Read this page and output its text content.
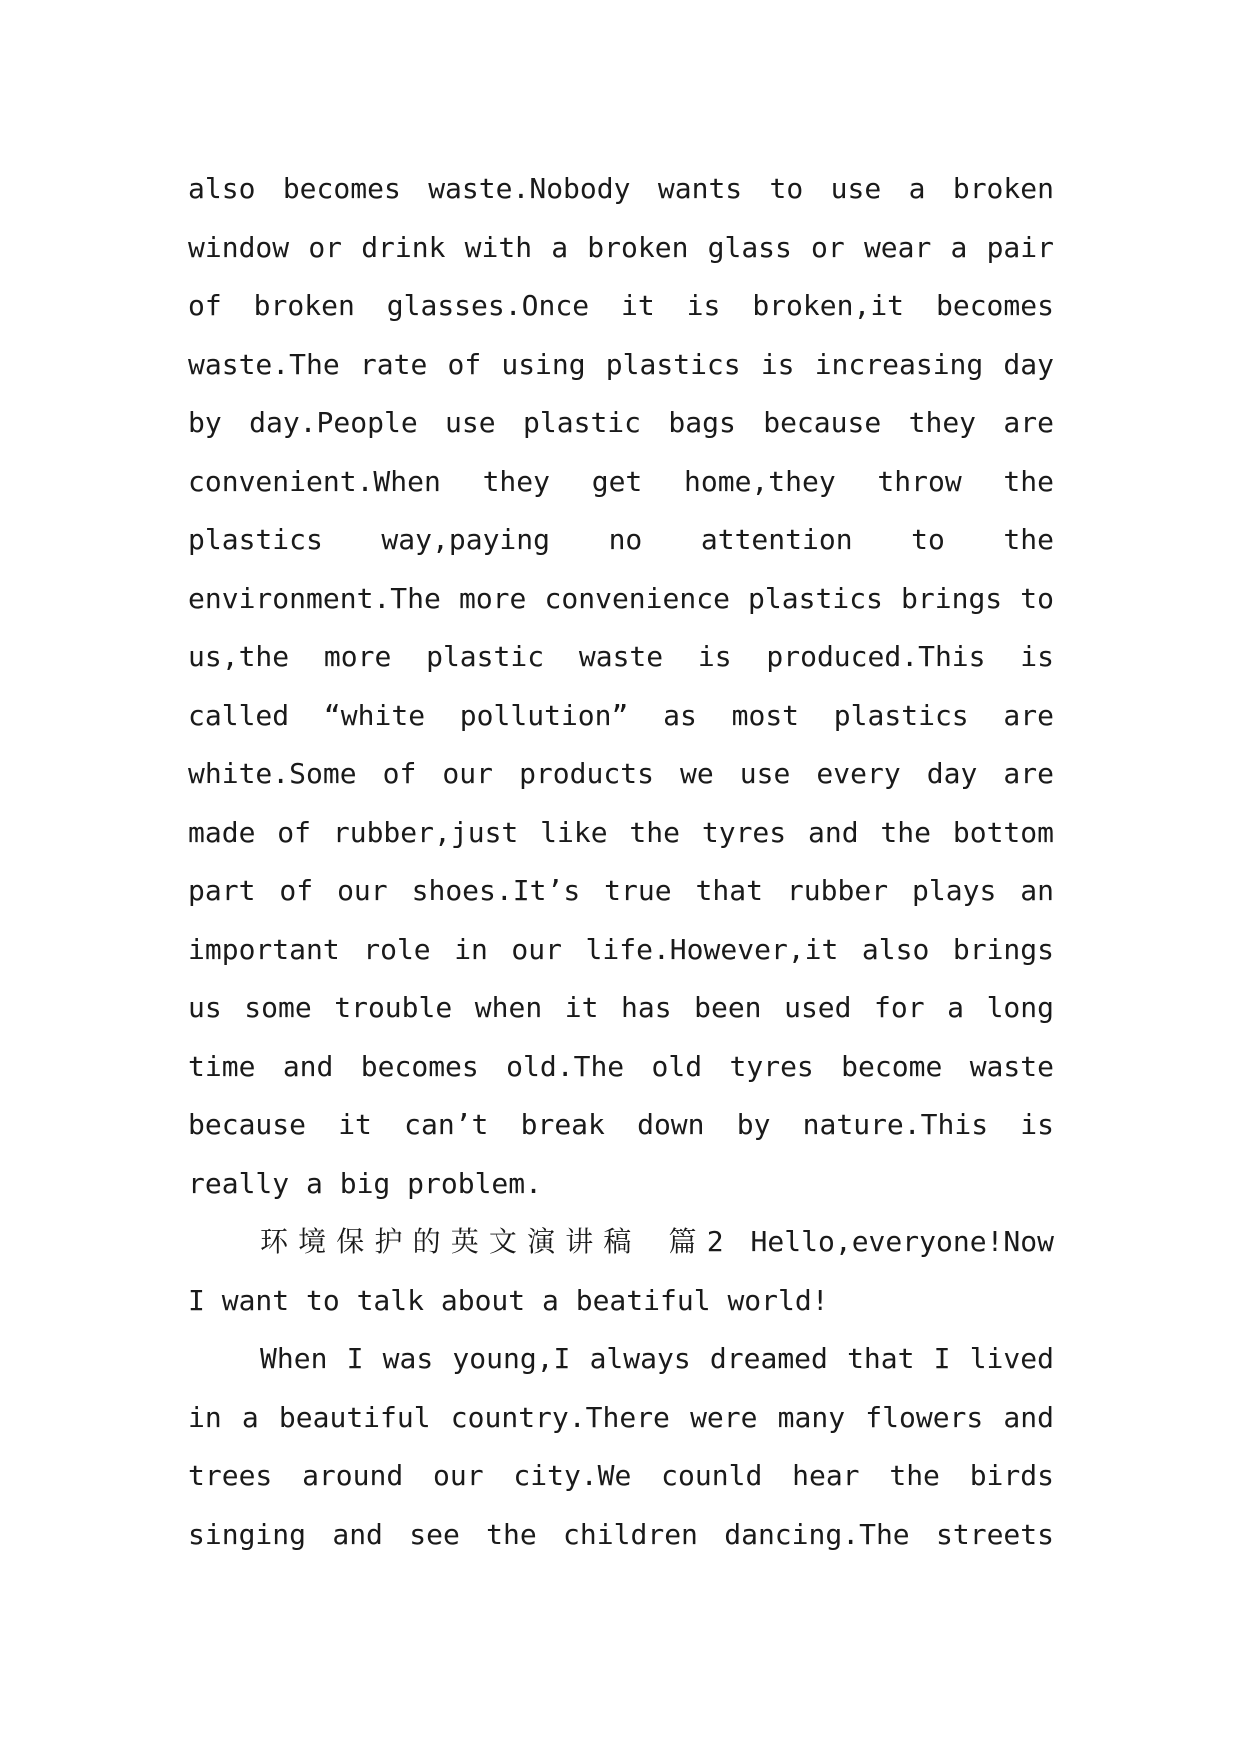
also becomes waste.Nobody wants to use a broken
window or drink with a broken glass or wear a pair
of broken glasses.Once it is broken,it becomes
waste.The rate of using plastics is increasing day
by day.People use plastic bags because they are
convenient.When they get home,they throw the
plastics way,paying no attention to the
environment.The more convenience plastics brings to
us,the more plastic waste is produced.This is
called “white pollution” as most plastics are
white.Some of our products we use every day are
made of rubber,just like the tyres and the bottom
part of our shoes.It’s true that rubber plays an
important role in our life.However,it also brings
us some trouble when it has been used for a long
time and becomes old.The old tyres become waste
because it can’t break down by nature.This is
really a big problem.
环境保护的英文演讲稿 篇2 Hello,everyone!Now
I want to talk about a beatiful world!
When I was young,I always dreamed that I lived
in a beautiful country.There were many flowers and
trees around our city.We counld hear the birds
singing and see the children dancing.The streets
